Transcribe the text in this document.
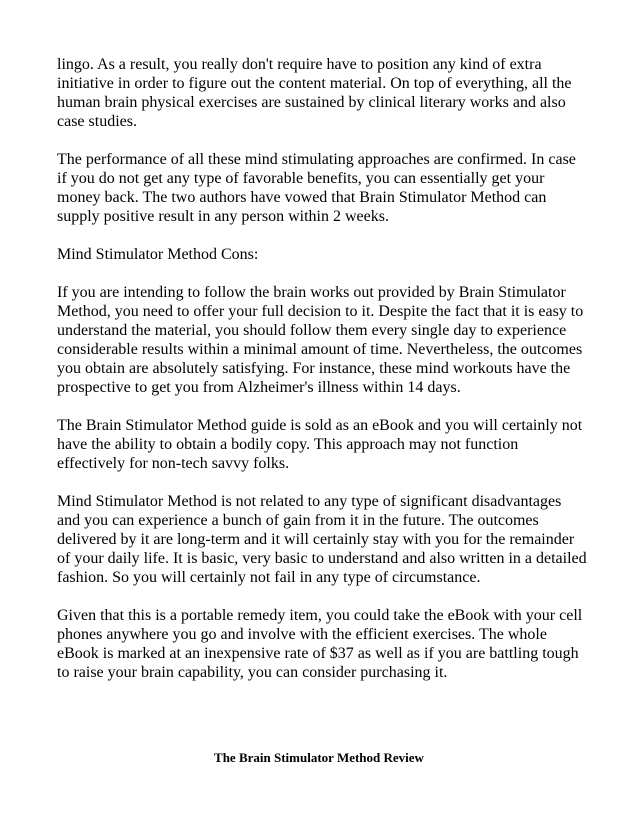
lingo. As a result, you really don't require have to position any kind of extra initiative in order to figure out the content material. On top of everything, all the human brain physical exercises are sustained by clinical literary works and also case studies.

The performance of all these mind stimulating approaches are confirmed. In case if you do not get any type of favorable benefits, you can essentially get your money back. The two authors have vowed that Brain Stimulator Method can supply positive result in any person within 2 weeks.

Mind Stimulator Method Cons:

If you are intending to follow the brain works out provided by Brain Stimulator Method, you need to offer your full decision to it. Despite the fact that it is easy to understand the material, you should follow them every single day to experience considerable results within a minimal amount of time. Nevertheless, the outcomes you obtain are absolutely satisfying. For instance, these mind workouts have the prospective to get you from Alzheimer's illness within 14 days.

The Brain Stimulator Method guide is sold as an eBook and you will certainly not have the ability to obtain a bodily copy. This approach may not function effectively for non-tech savvy folks.

Mind Stimulator Method is not related to any type of significant disadvantages and you can experience a bunch of gain from it in the future. The outcomes delivered by it are long-term and it will certainly stay with you for the remainder of your daily life. It is basic, very basic to understand and also written in a detailed fashion. So you will certainly not fail in any type of circumstance.

Given that this is a portable remedy item, you could take the eBook with your cell phones anywhere you go and involve with the efficient exercises. The whole eBook is marked at an inexpensive rate of $37 as well as if you are battling tough to raise your brain capability, you can consider purchasing it.

The Brain Stimulator Method Review
